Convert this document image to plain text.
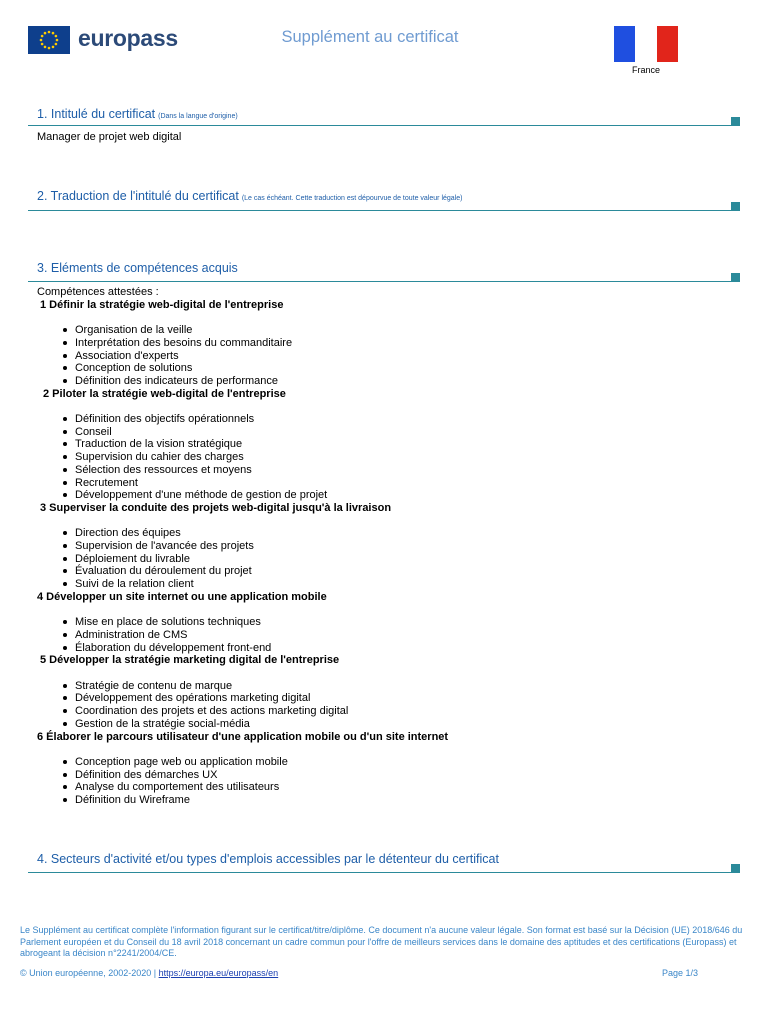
europass	Supplément au certificat
France
1. Intitulé du certificat (Dans la langue d'origine)
Manager de projet web digital
2. Traduction de l'intitulé du certificat (Le cas échéant. Cette traduction est dépourvue de toute valeur légale)
3. Eléments de compétences acquis

Compétences attestées :

1 Définir la stratégie web-digital de l'entreprise

Organisation de la veille
Interprétation des besoins du commanditaire
Association d'experts
Conception de solutions
Définition des indicateurs de performance

2 Piloter la stratégie web-digital de l'entreprise

Définition des objectifs opérationnels
Conseil
Traduction de la vision stratégique
Supervision du cahier des charges
Sélection des ressources et moyens
Recrutement
Développement d'une méthode de gestion de projet

3 Superviser la conduite des projets web-digital jusqu'à la livraison

Direction des équipes
Supervision de l'avancée des projets
Déploiement du livrable
Évaluation du déroulement du projet
Suivi de la relation client

4 Développer un site internet ou une application mobile

Mise en place de solutions techniques
Administration de CMS
Élaboration du développement front-end

5 Développer la stratégie marketing digital de l'entreprise

Stratégie de contenu de marque
Développement des opérations marketing digital
Coordination des projets et des actions marketing digital
Gestion de la stratégie social-média

6 Élaborer le parcours utilisateur d'une application mobile ou d'un site internet

Conception page web ou application mobile
Définition des démarches UX
Analyse du comportement des utilisateurs
Définition du Wireframe
4. Secteurs d'activité et/ou types d'emplois accessibles par le détenteur du certificat
Le Supplément au certificat complète l'information figurant sur le certificat/titre/diplôme. Ce document n'a aucune valeur légale. Son format est basé sur la Décision (UE) 2018/646 du Parlement européen et du Conseil du 18 avril 2018 concernant un cadre commun pour l'offre de meilleurs services dans le domaine des aptitudes et des certifications (Europass) et abrogeant la décision n°2241/2004/CE.
© Union européenne, 2002-2020 | https://europa.eu/europass/en	Page 1/3
